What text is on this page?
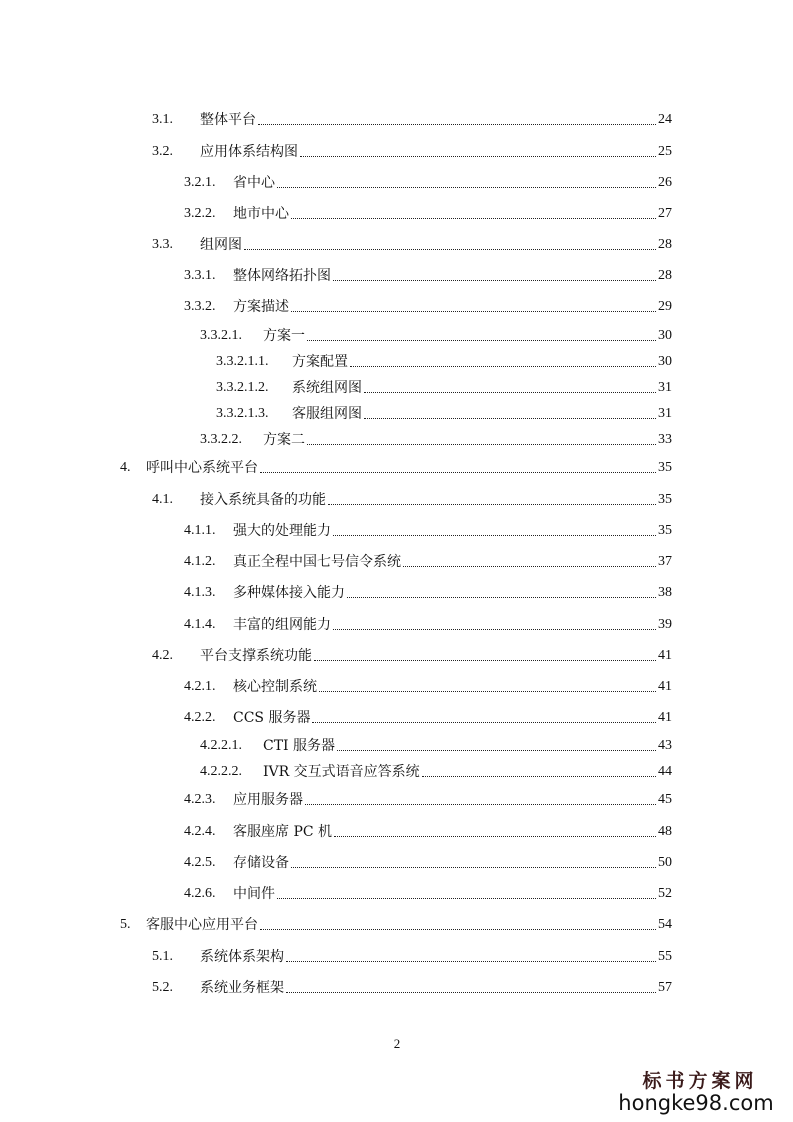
3.1.	整体平台	24
3.2.	应用体系结构图	25
3.2.1.	省中心	26
3.2.2.	地市中心	27
3.3.	组网图	28
3.3.1.	整体网络拓扑图	28
3.3.2.	方案描述	29
3.3.2.1.	方案一	30
3.3.2.1.1.	方案配置	30
3.3.2.1.2.	系统组网图	31
3.3.2.1.3.	客服组网图	31
3.3.2.2.	方案二	33
4.	呼叫中心系统平台	35
4.1.	接入系统具备的功能	35
4.1.1.	强大的处理能力	35
4.1.2.	真正全程中国七号信令系统	37
4.1.3.	多种媒体接入能力	38
4.1.4.	丰富的组网能力	39
4.2.	平台支撑系统功能	41
4.2.1.	核心控制系统	41
4.2.2.	CCS 服务器	41
4.2.2.1.	CTI 服务器	43
4.2.2.2.	IVR 交互式语音应答系统	44
4.2.3.	应用服务器	45
4.2.4.	客服座席 PC 机	48
4.2.5.	存储设备	50
4.2.6.	中间件	52
5.	客服中心应用平台	54
5.1.	系统体系架构	55
5.2.	系统业务框架	57
2
标书方案网
hongke98.com
